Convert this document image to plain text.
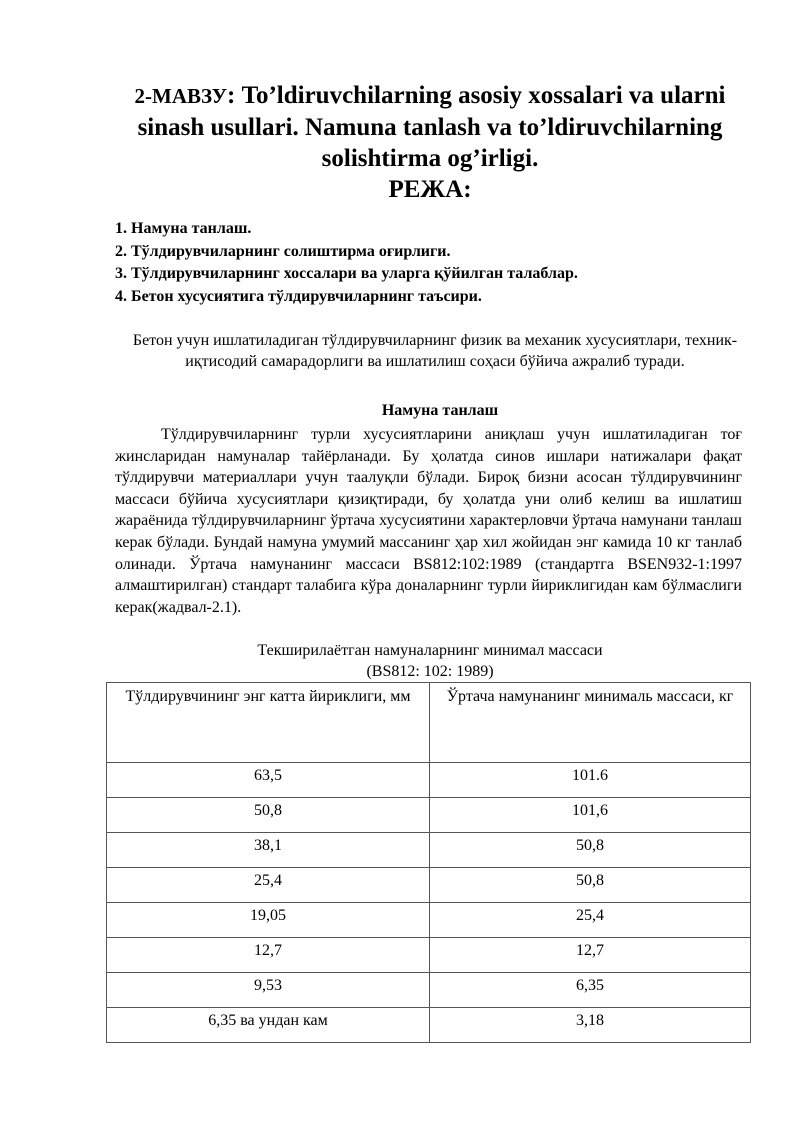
2-МАВЗУ: To’ldiruvchilarning asosiy xossalari va ularni sinash usullari. Namuna tanlash va to’ldiruvchilarning solishtirma og’irligi.
РЕЖА:
1. Намуна танлаш.
2. Тўлдирувчиларнинг солиштирма оғирлиги.
3. Тўлдирувчиларнинг хоссалари ва уларга қўйилган талаблар.
4. Бетон хусусиятига тўлдирувчиларнинг таъсири.
Бетон учун ишлатиладиган тўлдирувчиларнинг физик ва механик хусусиятлари, техник-иқтисодий самарадорлиги ва ишлатилиш соҳаси бўйича ажралиб туради.
Намуна танлаш

Тўлдирувчиларнинг турли хусусиятларини аниқлаш учун ишлатиладиган тоғ жинсларидан намуналар тайёрланади. Бу ҳолатда синов ишлари натижалари фақат тўлдирувчи материаллари учун таалуқли бўлади. Бироқ бизни асосан тўлдирувчининг массаси бўйича хусусиятлари қизиқтиради, бу ҳолатда уни олиб келиш ва ишлатиш жараёнида тўлдирувчиларнинг ўртача хусусиятини характерловчи ўртача намунани танлаш керак бўлади. Бундай намуна умумий массанинг ҳар хил жойидан энг камида 10 кг танлаб олинади. Ўртача намунанинг массаси BS812:102:1989 (стандартга BSEN932-1:1997 алмаштирилган) стандарт талабига кўра доналарнинг турли йириклигидан кам бўлмаслиги керак(жадвал-2.1).

Текширилаётган намуналарнинг минимал массаси
(BS812: 102: 1989)
Тўлдирувчининг энг катта йириклиги, мм	Ўртача намунанинг минималь массаси, кг
63,5	101.6
50,8	101,6
38,1	50,8
25,4	50,8
19,05	25,4
12,7	12,7
9,53	6,35
6,35 ва ундан кам	3,18
